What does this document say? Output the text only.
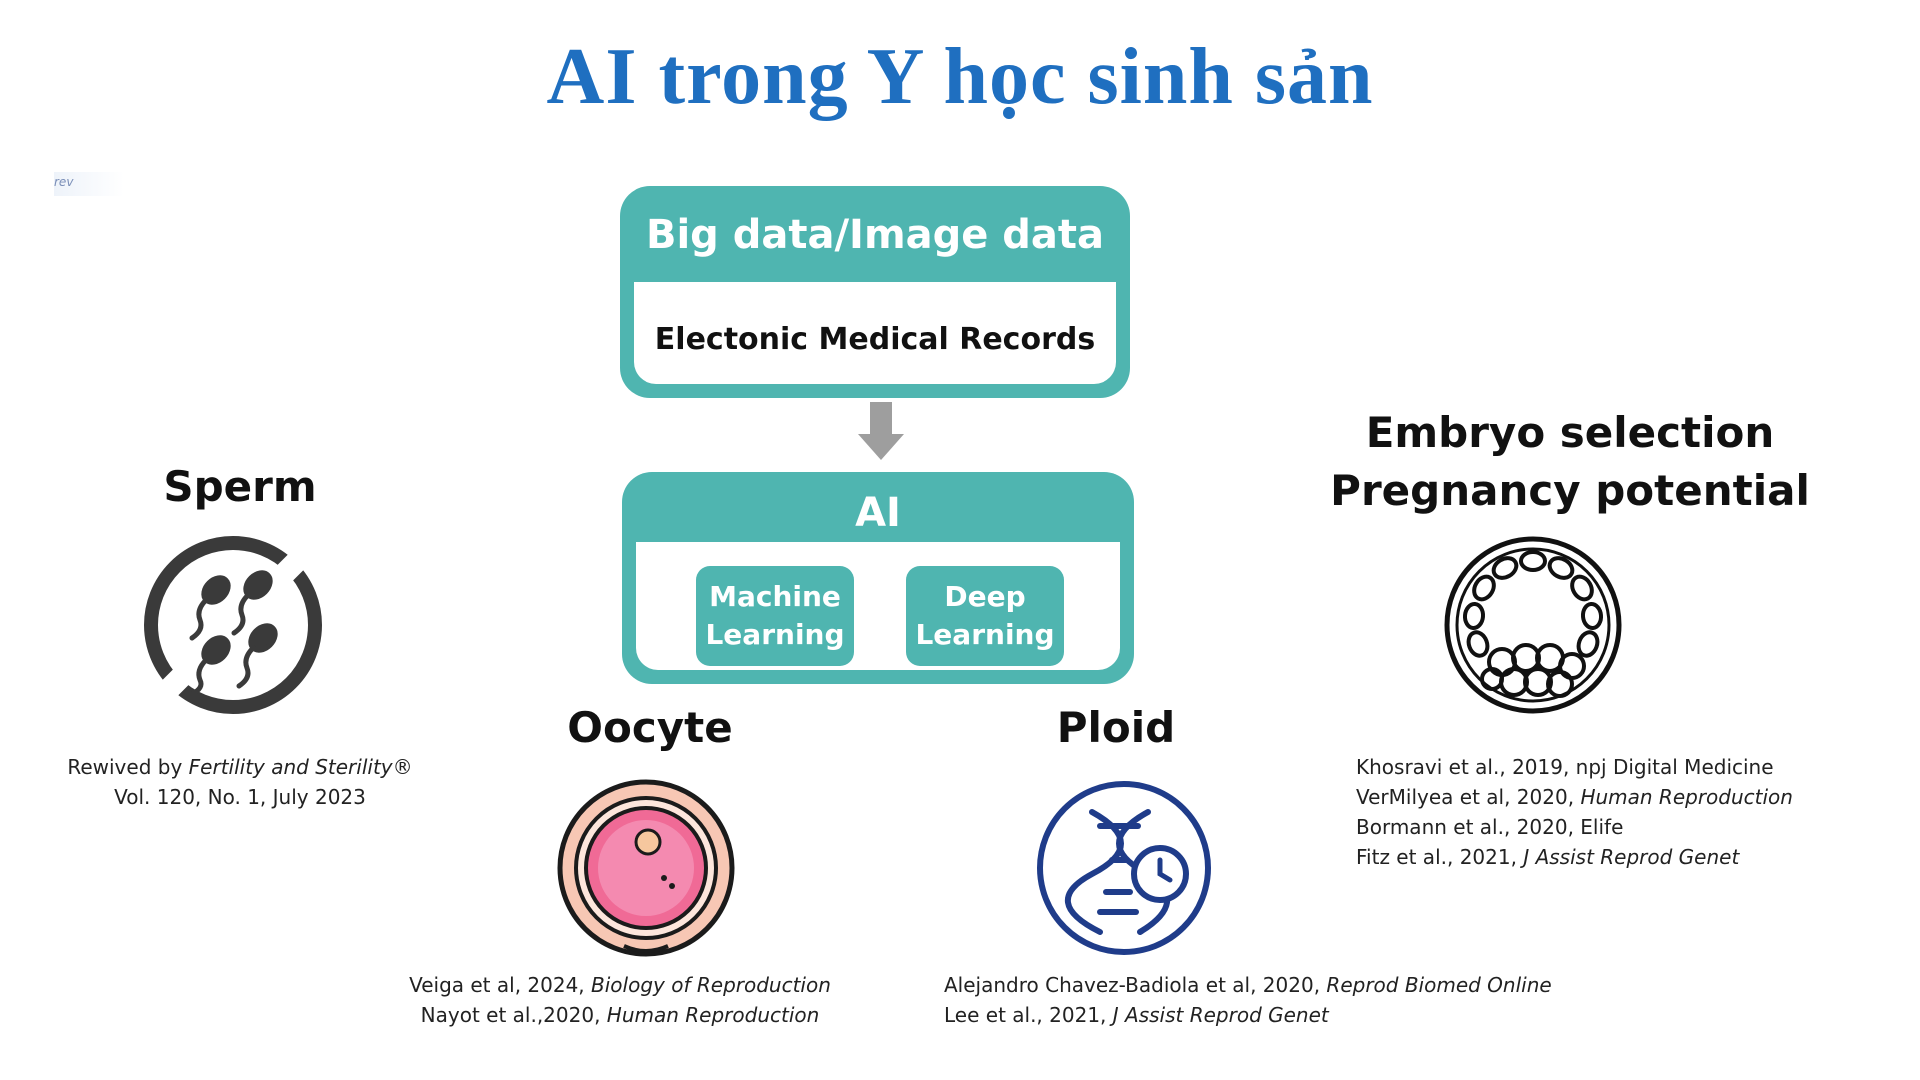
AI trong Y học sinh sản
rev
Big data/Image data
Electonic Medical Records
AI
Machine
Learning
Deep
Learning
Sperm
Rewived by Fertility and Sterility®
Vol. 120, No. 1, July 2023
Oocyte
Veiga et al, 2024, Biology of Reproduction
Nayot et al.,2020, Human Reproduction
Ploid
Alejandro Chavez-Badiola et al, 2020, Reprod Biomed Online
Lee et al., 2021, J Assist Reprod Genet
Embryo selection
Pregnancy potential
Khosravi et al., 2019, npj Digital Medicine
VerMilyea et al, 2020, Human Reproduction
Bormann et al., 2020, Elife
Fitz et al., 2021, J Assist Reprod Genet
